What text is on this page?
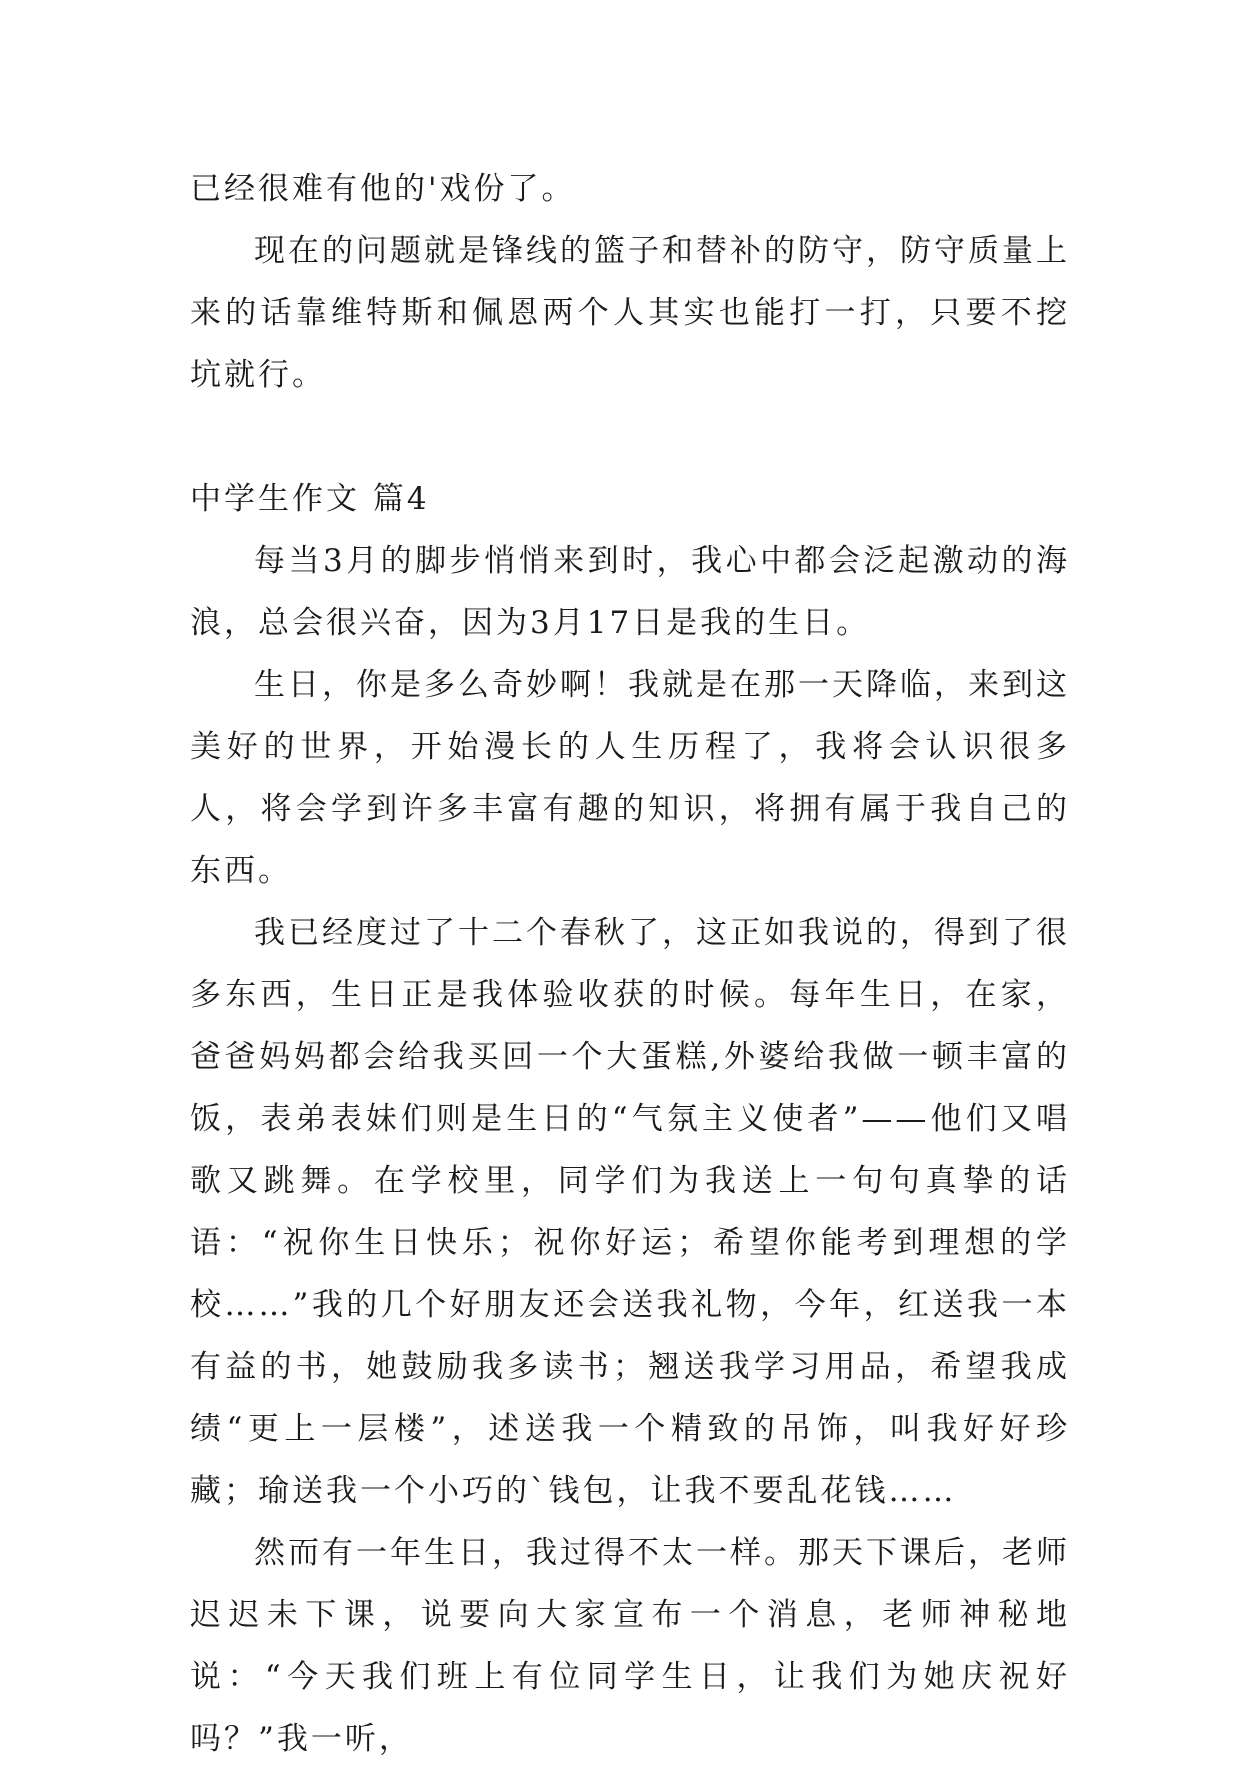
已经很难有他的'戏份了。

现在的问题就是锋线的篮子和替补的防守，防守质量上来的话靠维特斯和佩恩两个人其实也能打一打，只要不挖坑就行。

中学生作文 篇4

每当3月的脚步悄悄来到时，我心中都会泛起激动的海浪，总会很兴奋，因为3月17日是我的生日。

生日，你是多么奇妙啊！我就是在那一天降临，来到这美好的世界，开始漫长的人生历程了，我将会认识很多人，将会学到许多丰富有趣的知识，将拥有属于我自己的东西。

我已经度过了十二个春秋了，这正如我说的，得到了很多东西，生日正是我体验收获的时候。每年生日，在家，爸爸妈妈都会给我买回一个大蛋糕,外婆给我做一顿丰富的饭，表弟表妹们则是生日的“气氛主义使者”——他们又唱歌又跳舞。在学校里，同学们为我送上一句句真挚的话语：“祝你生日快乐；祝你好运；希望你能考到理想的学校……”我的几个好朋友还会送我礼物，今年，红送我一本有益的书，她鼓励我多读书；翘送我学习用品，希望我成绩“更上一层楼”，述送我一个精致的吊饰，叫我好好珍藏；瑜送我一个小巧的`钱包，让我不要乱花钱……

然而有一年生日，我过得不太一样。那天下课后，老师迟迟未下课，说要向大家宣布一个消息，老师神秘地说：“今天我们班上有位同学生日，让我们为她庆祝好吗？”我一听，
